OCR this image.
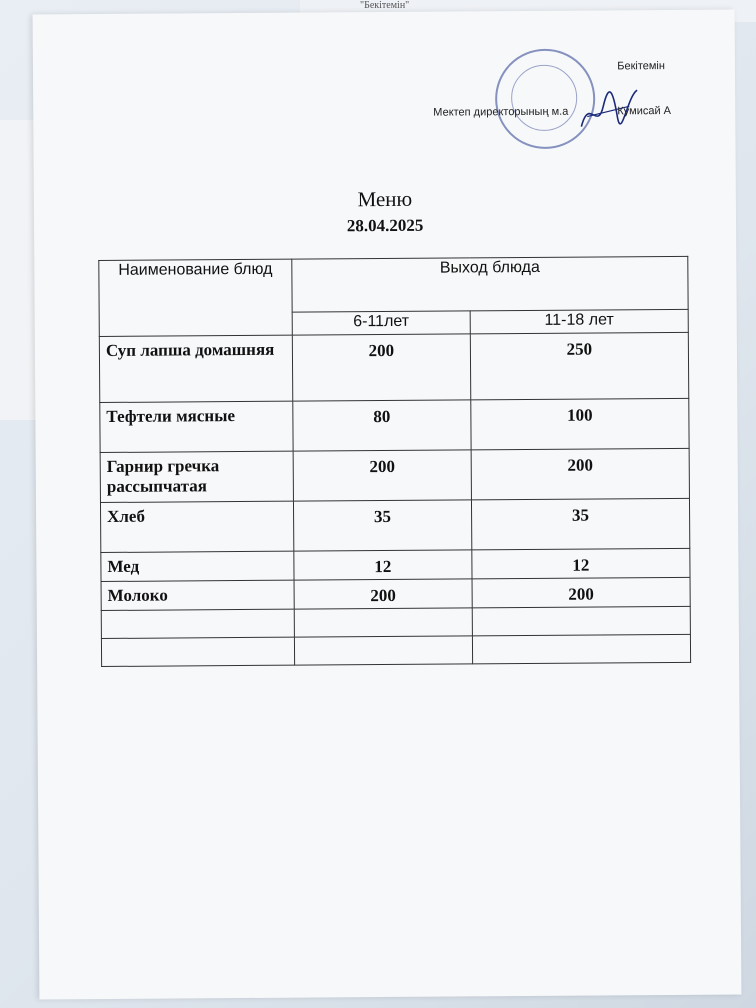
"Бекітемін"
Бекітемін
Мектеп директорының м.а	Кумисай А
Меню
28.04.2025
Наименование блюд	Выход блюда	
	6-11лет	11-18 лет
Суп лапша домашняя	200	250
Тефтели мясные	80	100
Гарнир гречка рассыпчатая	200	200
Хлеб	35	35
Мед	12	12
Молоко	200	200
